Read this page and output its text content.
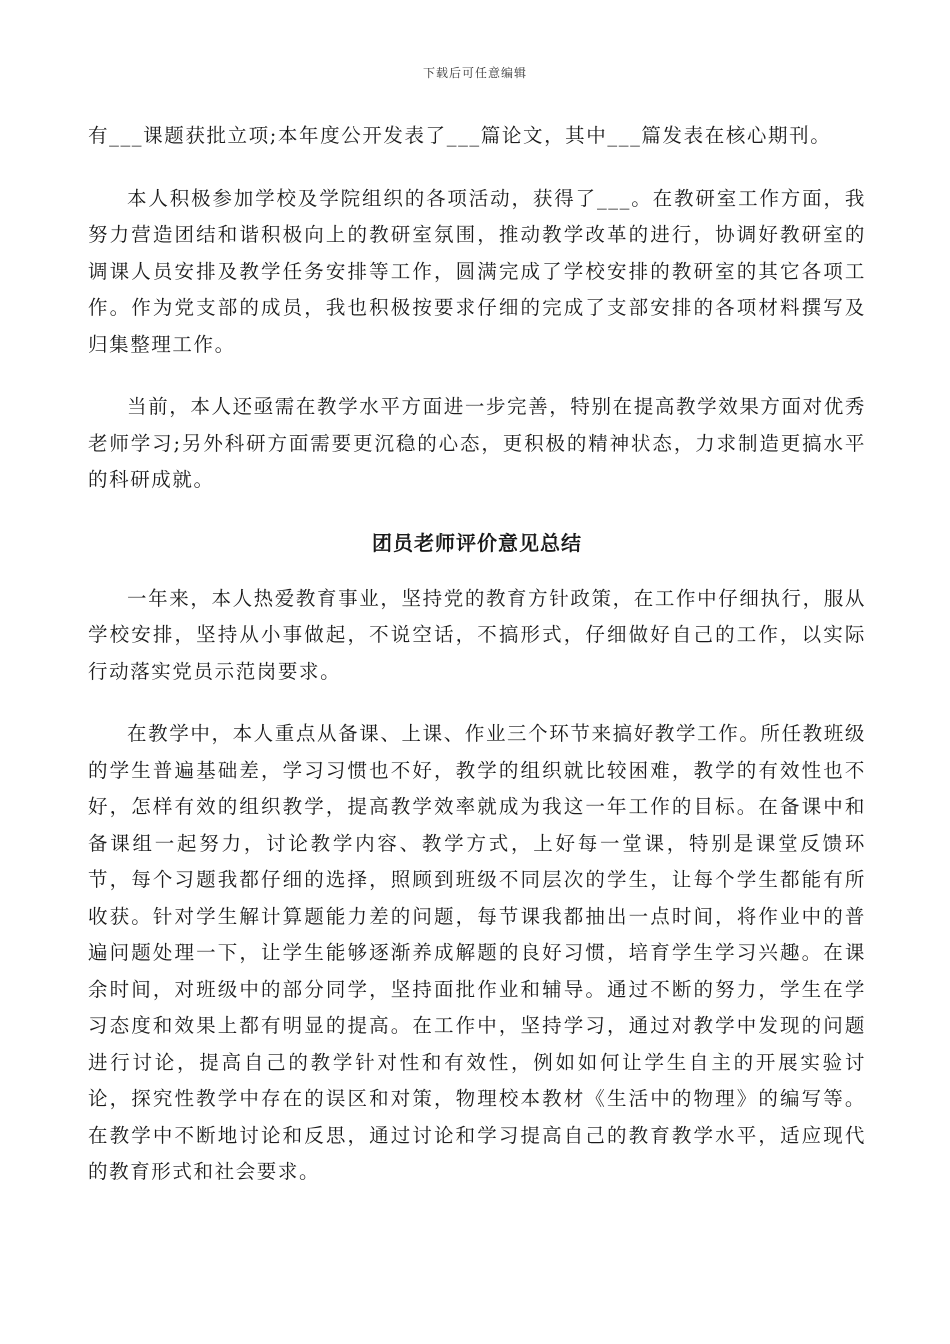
下载后可任意编辑

有___课题获批立项;本年度公开发表了___篇论文，其中___篇发表在核心期刊。

本人积极参加学校及学院组织的各项活动，获得了___。在教研室工作方面，我努力营造团结和谐积极向上的教研室氛围，推动教学改革的进行，协调好教研室的调课人员安排及教学任务安排等工作，圆满完成了学校安排的教研室的其它各项工作。作为党支部的成员，我也积极按要求仔细的完成了支部安排的各项材料撰写及归集整理工作。

当前，本人还亟需在教学水平方面进一步完善，特别在提高教学效果方面对优秀老师学习;另外科研方面需要更沉稳的心态，更积极的精神状态，力求制造更搞水平的科研成就。

团员老师评价意见总结

一年来，本人热爱教育事业，坚持党的教育方针政策，在工作中仔细执行，服从学校安排，坚持从小事做起，不说空话，不搞形式，仔细做好自己的工作，以实际行动落实党员示范岗要求。

在教学中，本人重点从备课、上课、作业三个环节来搞好教学工作。所任教班级的学生普遍基础差，学习习惯也不好，教学的组织就比较困难，教学的有效性也不好，怎样有效的组织教学，提高教学效率就成为我这一年工作的目标。在备课中和备课组一起努力，讨论教学内容、教学方式，上好每一堂课，特别是课堂反馈环节，每个习题我都仔细的选择，照顾到班级不同层次的学生，让每个学生都能有所收获。针对学生解计算题能力差的问题，每节课我都抽出一点时间，将作业中的普遍问题处理一下，让学生能够逐渐养成解题的良好习惯，培育学生学习兴趣。在课余时间，对班级中的部分同学，坚持面批作业和辅导。通过不断的努力，学生在学习态度和效果上都有明显的提高。在工作中，坚持学习，通过对教学中发现的问题进行讨论，提高自己的教学针对性和有效性，例如如何让学生自主的开展实验讨论，探究性教学中存在的误区和对策，物理校本教材《生活中的物理》的编写等。在教学中不断地讨论和反思，通过讨论和学习提高自己的教育教学水平，适应现代的教育形式和社会要求。
